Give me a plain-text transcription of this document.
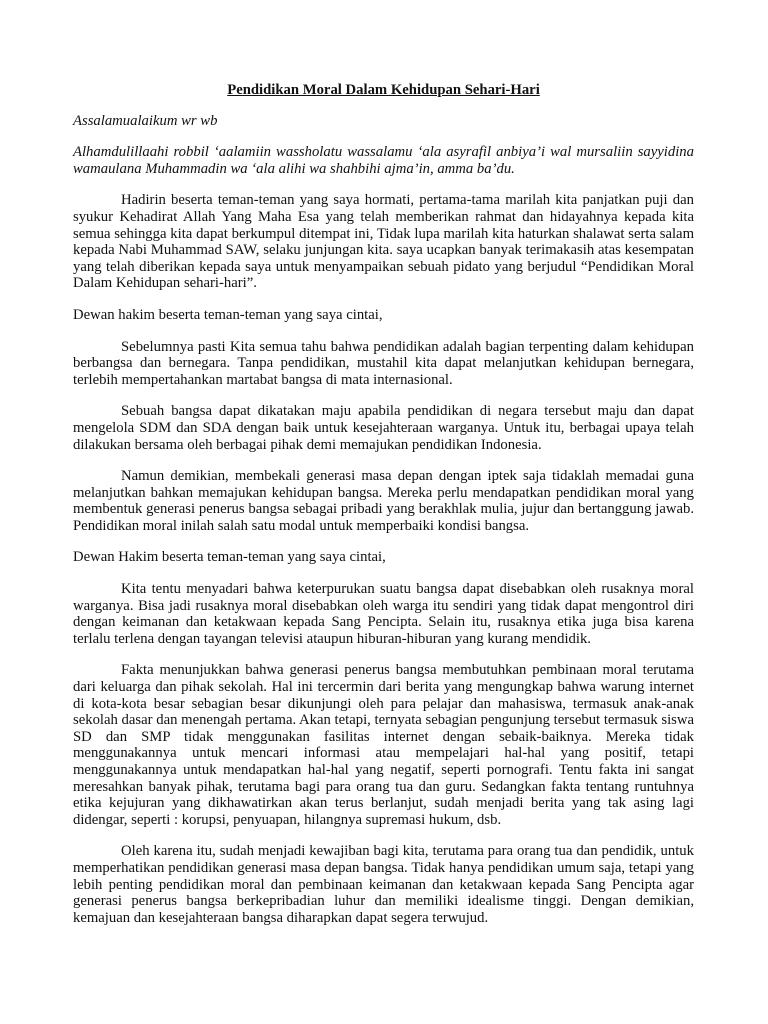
Pendidikan Moral Dalam Kehidupan Sehari-Hari

Assalamualaikum wr wb

Alhamdulillaahi robbil ‘aalamiin wassholatu wassalamu ‘ala asyrafil anbiya’i wal mursaliin sayyidina wamaulana Muhammadin wa ‘ala alihi wa shahbihi ajma’in, amma ba’du.

Hadirin beserta teman-teman yang saya hormati, pertama-tama marilah kita panjatkan puji dan syukur Kehadirat Allah Yang Maha Esa yang telah memberikan rahmat dan hidayahnya kepada kita semua sehingga kita dapat berkumpul ditempat ini, Tidak lupa marilah kita haturkan shalawat serta salam kepada Nabi Muhammad SAW, selaku junjungan kita. saya ucapkan banyak terimakasih atas kesempatan yang telah diberikan kepada saya untuk menyampaikan sebuah pidato yang berjudul “Pendidikan Moral Dalam Kehidupan sehari-hari”.

Dewan hakim beserta teman-teman yang saya cintai,

Sebelumnya pasti Kita semua tahu bahwa pendidikan adalah bagian terpenting dalam kehidupan berbangsa dan bernegara. Tanpa pendidikan, mustahil kita dapat melanjutkan kehidupan bernegara, terlebih mempertahankan martabat bangsa di mata internasional.

Sebuah bangsa dapat dikatakan maju apabila pendidikan di negara tersebut maju dan dapat mengelola SDM dan SDA dengan baik untuk kesejahteraan warganya. Untuk itu, berbagai upaya telah dilakukan bersama oleh berbagai pihak demi memajukan pendidikan Indonesia.

Namun demikian, membekali generasi masa depan dengan iptek saja tidaklah memadai guna melanjutkan bahkan memajukan kehidupan bangsa. Mereka perlu mendapatkan pendidikan moral yang membentuk generasi penerus bangsa sebagai pribadi yang berakhlak mulia, jujur dan bertanggung jawab. Pendidikan moral inilah salah satu modal untuk memperbaiki kondisi bangsa.

Dewan Hakim beserta teman-teman yang saya cintai,

Kita tentu menyadari bahwa keterpurukan suatu bangsa dapat disebabkan oleh rusaknya moral warganya. Bisa jadi rusaknya moral disebabkan oleh warga itu sendiri yang tidak dapat mengontrol diri dengan keimanan dan ketakwaan kepada Sang Pencipta. Selain itu, rusaknya etika juga bisa karena terlalu terlena dengan tayangan televisi ataupun hiburan-hiburan yang kurang mendidik.

Fakta menunjukkan bahwa generasi penerus bangsa membutuhkan pembinaan moral terutama dari keluarga dan pihak sekolah. Hal ini tercermin dari berita yang mengungkap bahwa warung internet di kota-kota besar sebagian besar dikunjungi oleh para pelajar dan mahasiswa, termasuk anak-anak sekolah dasar dan menengah pertama. Akan tetapi, ternyata sebagian pengunjung tersebut termasuk siswa SD dan SMP tidak menggunakan fasilitas internet dengan sebaik-baiknya. Mereka tidak menggunakannya untuk mencari informasi atau mempelajari hal-hal yang positif, tetapi menggunakannya untuk mendapatkan hal-hal yang negatif, seperti pornografi. Tentu fakta ini sangat meresahkan banyak pihak, terutama bagi para orang tua dan guru. Sedangkan fakta tentang runtuhnya etika kejujuran yang dikhawatirkan akan terus berlanjut, sudah menjadi berita yang tak asing lagi didengar, seperti : korupsi, penyuapan, hilangnya supremasi hukum, dsb.

Oleh karena itu, sudah menjadi kewajiban bagi kita, terutama para orang tua dan pendidik, untuk memperhatikan pendidikan generasi masa depan bangsa. Tidak hanya pendidikan umum saja, tetapi yang lebih penting pendidikan moral dan pembinaan keimanan dan ketakwaan kepada Sang Pencipta agar generasi penerus bangsa berkepribadian luhur dan memiliki idealisme tinggi. Dengan demikian, kemajuan dan kesejahteraan bangsa diharapkan dapat segera terwujud.
